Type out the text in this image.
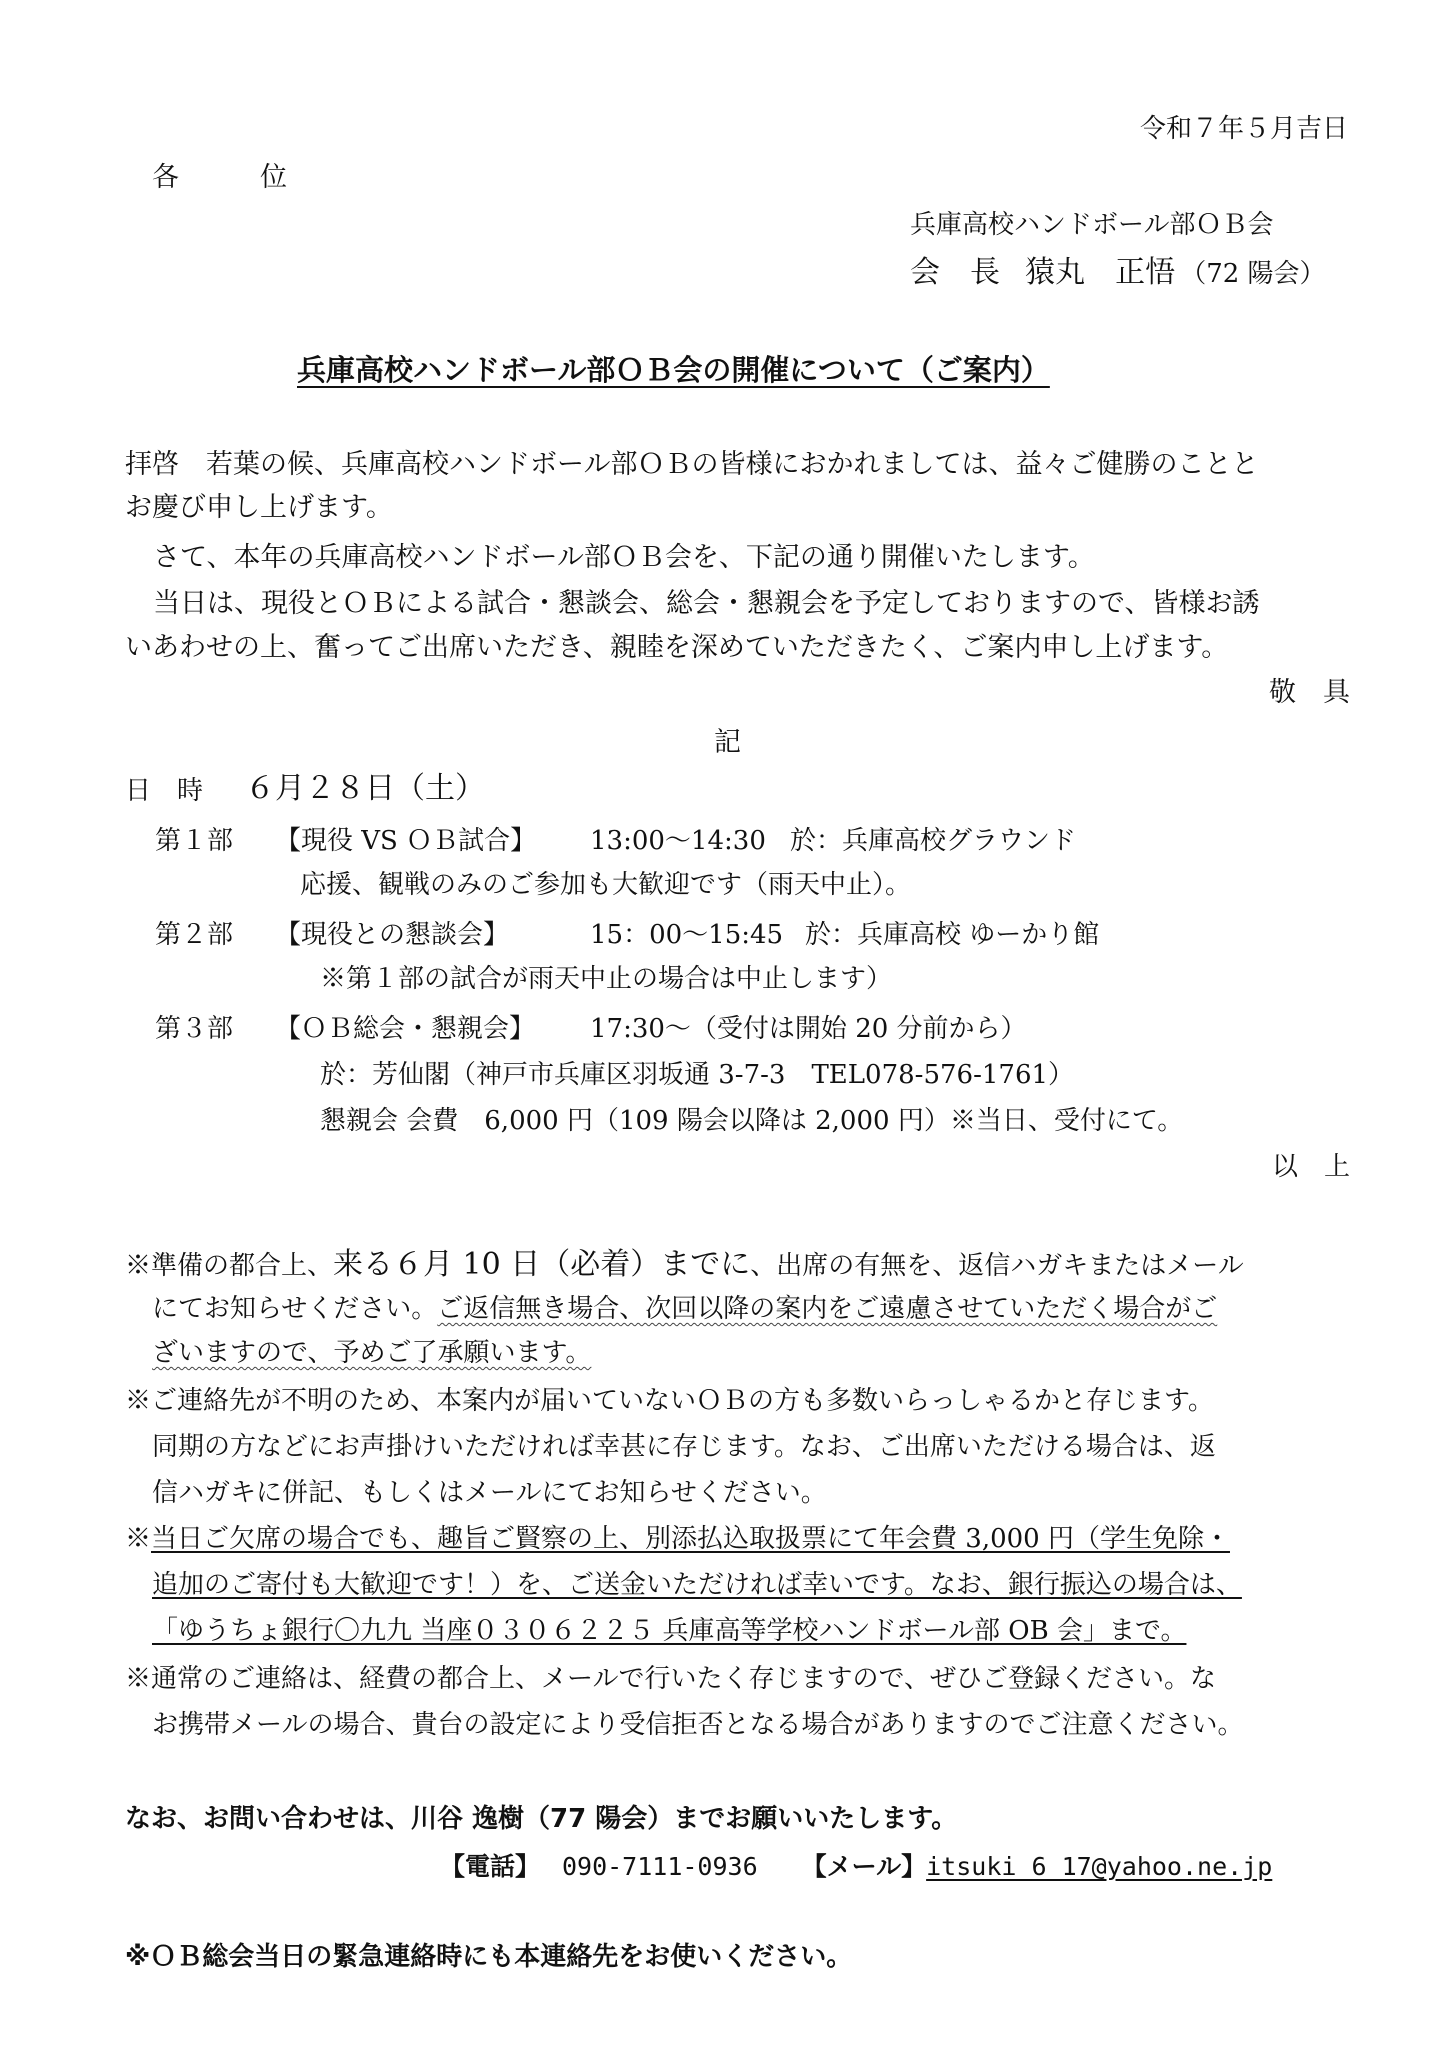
令和７年５月吉日
各　　　位
兵庫高校ハンドボール部ＯＢ会
会　長 猿丸　正悟 （72 陽会）
兵庫高校ハンドボール部ＯＢ会の開催について（ご案内）
拝啓　若葉の候、兵庫高校ハンドボール部ＯＢの皆様におかれましては、益々ご健勝のことと
お慶び申し上げます。
さて、本年の兵庫高校ハンドボール部ＯＢ会を、下記の通り開催いたします。
当日は、現役とＯＢによる試合・懇談会、総会・懇親会を予定しておりますので、皆様お誘
いあわせの上、奮ってご出席いただき、親睦を深めていただきたく、ご案内申し上げます。
敬　具
記
日　時 ６月２８日（土）
第１部 【現役 VS ＯＢ試合】 13:00～14:30 於：兵庫高校グラウンド
応援、観戦のみのご参加も大歓迎です（雨天中止）。
第２部 【現役との懇談会】	15：00～15:45 於：兵庫高校 ゆーかり館
※第１部の試合が雨天中止の場合は中止します）
第３部 【ＯＢ総会・懇親会】 17:30～（受付は開始 20 分前から）
於：芳仙閣（神戸市兵庫区羽坂通 3-7-3　TEL078-576-1761）
懇親会 会費　6,000 円（109 陽会以降は 2,000 円）※当日、受付にて。
以　上
※準備の都合上、来る６月 10 日（必着）までに、出席の有無を、返信ハガキまたはメール
にてお知らせください。ご返信無き場合、次回以降の案内をご遠慮させていただく場合がご
ざいますので、予めご了承願います。
※ご連絡先が不明のため、本案内が届いていないＯＢの方も多数いらっしゃるかと存じます。
同期の方などにお声掛けいただければ幸甚に存じます。なお、ご出席いただける場合は、返
信ハガキに併記、もしくはメールにてお知らせください。
※当日ご欠席の場合でも、趣旨ご賢察の上、別添払込取扱票にて年会費 3,000 円（学生免除・
追加のご寄付も大歓迎です！）を、ご送金いただければ幸いです。なお、銀行振込の場合は、
「ゆうちょ銀行〇九九 当座０３０６２２５ 兵庫高等学校ハンドボール部 OB 会」まで。
※通常のご連絡は、経費の都合上、メールで行いたく存じますので、ぜひご登録ください。な
お携帯メールの場合、貴台の設定により受信拒否となる場合がありますのでご注意ください。
なお、お問い合わせは、川谷 逸樹（77 陽会）までお願いいたします。
【電話】 090-7111-0936 【メール】itsuki_6_17@yahoo.ne.jp
※ＯＢ総会当日の緊急連絡時にも本連絡先をお使いください。
